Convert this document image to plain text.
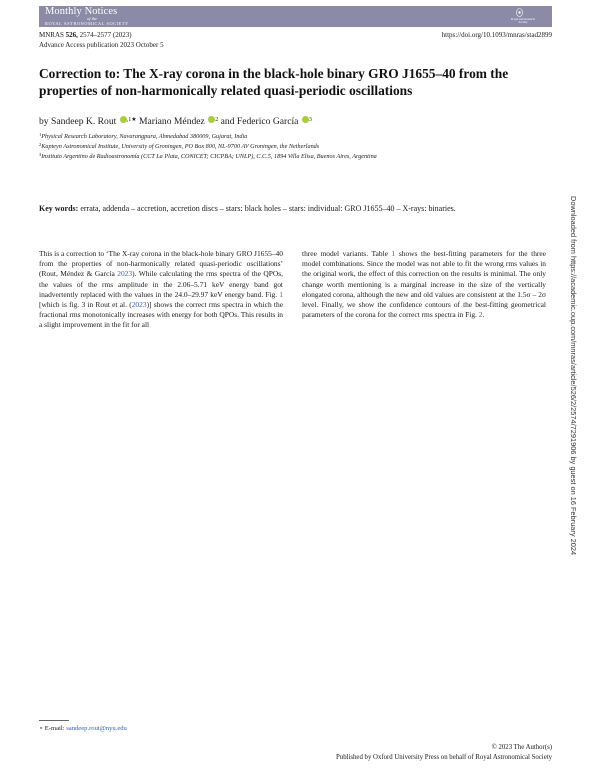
Monthly Notices
of the
ROYAL ASTRONOMICAL SOCIETY
Royal Astronomical Society
MNRAS 526, 2574–2577 (2023)	https://doi.org/10.1093/mnras/stad2899
Advance Access publication 2023 October 5
Correction to: The X-ray corona in the black-hole binary GRO J1655–40 from the properties of non-harmonically related quasi-periodic oscillations
by Sandeep K. Rout $^{,1★}$ Mariano Méndez $^2$ and Federico García $^3$
$^1$Physical Research Laboratory, Navarangpura, Ahmedabad 380009, Gujarat, India
$^2$Kapteyn Astronomical Institute, University of Groningen, PO Box 800, NL-9700 AV Groningen, the Netherlands
$^3$Instituto Argentino de Radioastronomía (CCT La Plata, CONICET; CICPBA; UNLP), C.C.5, 1894 Villa Elisa, Buenos Aires, Argentina
Key words: errata, addenda – accretion, accretion discs – stars: black holes – stars: individual: GRO J1655–40 – X-rays: binaries.
This is a correction to ‘The X-ray corona in the black-hole binary GRO J1655–40 from the properties of non-harmonically related quasi-periodic oscillations’ (Rout, Méndez & García 2023). While calculating the rms spectra of the QPOs, the values of the rms amplitude in the 2.06–5.71 keV energy band got inadvertently replaced with the values in the 24.0–29.97 keV energy band. Fig. 1 [which is fig. 3 in Rout et al. (2023)] shows the correct rms spectra in which the fractional rms monotonically increases with energy for both QPOs. This results in a slight improvement in the fit for all
three model variants. Table 1 shows the best-fitting parameters for the three model combinations. Since the model was not able to fit the wrong rms values in the original work, the effect of this correction on the results is minimal. The only change worth mentioning is a marginal increase in the size of the vertically elongated corona, although the new and old values are consistent at the 1.5σ – 2σ level. Finally, we show the confidence contours of the best-fitting geometrical parameters of the corona for the correct rms spectra in Fig. 2.	Downloaded from https://academic.oup.com/mnras/article/526/2/2574/7291906 by guest on 16 February 2024
⋆ E-mail: sandeep.rout@nyu.edu
© 2023 The Author(s)
Published by Oxford University Press on behalf of Royal Astronomical Society
